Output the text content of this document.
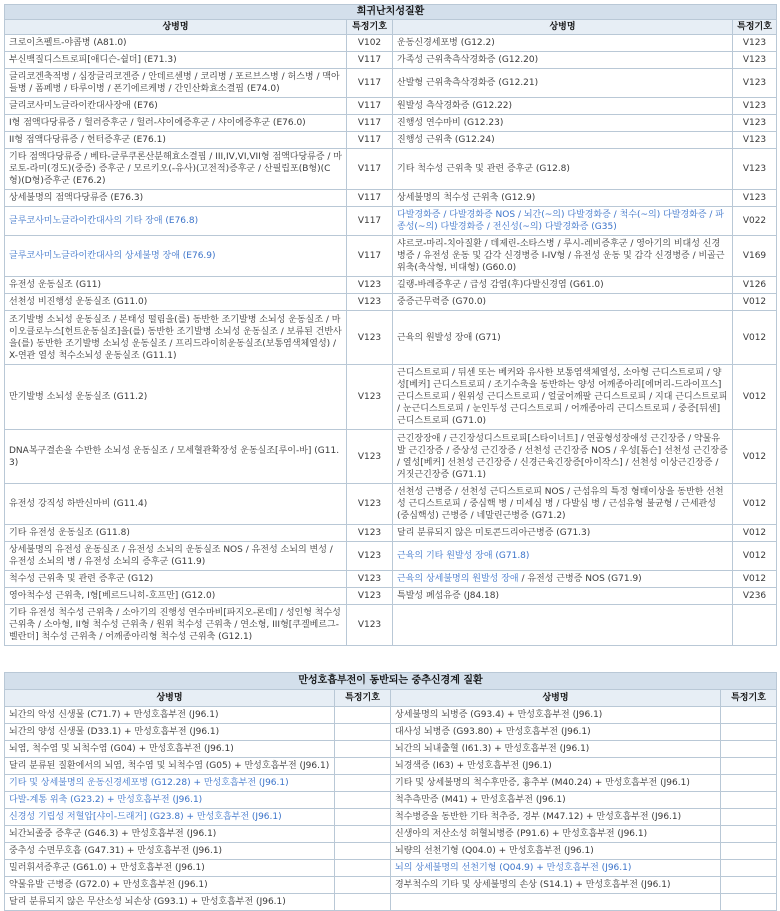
희귀난치성질환			
상병명	특정기호	상병명	특정기호
크로이츠펠트-야콥병 (A81.0)	V102	운동신경세포병 (G12.2)	V123
부신백질디스트로피[애디슨-쉴더] (E71.3)	V117	가족성 근위축측삭경화증 (G12.20)	V123
글리코겐축적병 / 심장글리코겐증 / 안데르센병 / 코리병 / 포르브스병 / 허스병 / 맥아들병 / 폼페병 / 타루이병 / 폰기에르케병 / 간인산화효소결핍 (E74.0)	V117	산발형 근위축측삭경화증 (G12.21)	V123
글리코사미노글라이칸대사장애 (E76)	V117	원발성 측삭경화증 (G12.22)	V123
I형 점액다당류증 / 헐러증후군 / 헐러-샤이에증후군 / 샤이에증후군 (E76.0)	V117	진행성 연수마비 (G12.23)	V123
II형 점액다당류증 / 헌터증후군 (E76.1)	V117	진행성 근위축 (G12.24)	V123
기타 점액다당류증 / 베타-글루쿠론산분해효소결핍 / III,IV,VI,VII형 점액다당류증 / 마로토-라미(경도)(중증) 증후군 / 모르키오(-유사)(고전적)증후군 / 산필립포(B형)(C형)(D형)증후군 (E76.2)	V117	기타 척수성 근위축 및 관련 증후군 (G12.8)	V123
상세불명의 점액다당류증 (E76.3)	V117	상세불명의 척수성 근위축 (G12.9)	V123
글루코사미노글라이칸대사의 기타 장애 (E76.8)	V117	다발경화증 / 다발경화증 NOS / 뇌간(~의) 다발경화증 / 척수(~의) 다발경화증 / 파종성(~의) 다발경화증 / 전신성(~의) 다발경화증 (G35)	V022
글루코사미노글라이칸대사의 상세불명 장애 (E76.9)	V117	샤르코-마리-치아질환 / 데제린-소타스병 / 루시-레비증후군 / 영아기의 비대성 신경병증 / 유전성 운동 및 감각 신경병증 I-IV형 / 유전성 운동 및 감각 신경병증 / 비골근위축(축삭형, 비대형) (G60.0)	V169
유전성 운동실조 (G11)	V123	길랭-바레증후군 / 급성 감염(후)다발신경염 (G61.0)	V126
선천성 비진행성 운동실조 (G11.0)	V123	중증근무력증 (G70.0)	V012
조기발병 소뇌성 운동실조 / 본태성 떨림을(를) 동반한 조기발병 소뇌성 운동실조 / 마이오클로누스[헌트운동실조]을(를) 동반한 조기발병 소뇌성 운동실조 / 보류된 건반사을(를) 동반한 조기발병 소뇌성 운동실조 / 프리드라이히운동실조(보통염색체열성) / X-연관 열성 척수소뇌성 운동실조 (G11.1)	V123	근육의 원발성 장애 (G71)	V012
만기발병 소뇌성 운동실조 (G11.2)	V123	근디스트로피 / 뒤센 또는 베커와 유사한 보통염색체열성, 소아형 근디스트로피 / 양성[베커] 근디스트로피 / 조기수축을 동반하는 양성 어깨종아리[에머리-드라이프스] 근디스트로피 / 원위성 근디스트로피 / 얼굴어깨팔 근디스트로피 / 지대 근디스트로피 / 눈근디스트로피 / 눈인두성 근디스트로피 / 어깨종아리 근디스트로피 / 중증[뒤센] 근디스트로피 (G71.0)	V012
DNA복구결손을 수반한 소뇌성 운동실조 / 모세혈관확장성 운동실조[루이-바] (G11.3)	V123	근긴장장애 / 근긴장성디스트로피[스타이너트] / 연골형성장애성 근긴장증 / 약물유발 근긴장증 / 증상성 근긴장증 / 선천성 근긴장증 NOS / 우성[톰슨] 선천성 근긴장증 / 열성[베커] 선천성 근긴장증 / 신경근육긴장증[아이작스] / 선천성 이상근긴장증 / 거짓근긴장증 (G71.1)	V012
유전성 강직성 하반신마비 (G11.4)	V123	선천성 근병증 / 선천성 근디스트로피 NOS / 근섬유의 특정 형태이상을 동반한 선천성 근디스트로피 / 중심핵 병 / 미세심 병 / 다발심 병 / 근섬유형 불균형 / 근세관성(중심핵성) 근병증 / 네말린근병증 (G71.2)	V012
기타 유전성 운동실조 (G11.8)	V123	달리 분류되지 않은 미토콘드리아근병증 (G71.3)	V012
상세불명의 유전성 운동실조 / 유전성 소뇌의 운동실조 NOS / 유전성 소뇌의 변성 / 유전성 소뇌의 병 / 유전성 소뇌의 증후군 (G11.9)	V123	근육의 기타 원발성 장애 (G71.8)	V012
척수성 근위축 및 관련 증후군 (G12)	V123	근육의 상세불명의 원발성 장애 / 유전성 근병증 NOS (G71.9)	V012
영아척수성 근위축, I형[베르드니히-호프만] (G12.0)	V123	특발성 폐섬유증 (J84.18)	V236
기타 유전성 척수성 근위축 / 소아기의 진행성 연수마비[파지오-론데] / 성인형 척수성 근위축 / 소아형, II형 척수성 근위축 / 원위 척수성 근위축 / 연소형, III형[쿠겔베르그-벨란더] 척수성 근위축 / 어깨종아리형 척수성 근위축 (G12.1)	V123		
만성호흡부전이 동반되는 중추신경계 질환			
상병명	특정기호	상병명	특정기호
뇌간의 악성 신생물 (C71.7) + 만성호흡부전 (J96.1)		상세불명의 뇌병증 (G93.4) + 만성호흡부전 (J96.1)	
뇌간의 양성 신생물 (D33.1) + 만성호흡부전 (J96.1)		대사성 뇌병증 (G93.80) + 만성호흡부전 (J96.1)	
뇌염, 척수염 및 뇌척수염 (G04) + 만성호흡부전 (J96.1)		뇌간의 뇌내출혈 (I61.3) + 만성호흡부전 (J96.1)	
달리 분류된 질환에서의 뇌염, 척수염 및 뇌척수염 (G05) + 만성호흡부전 (J96.1)		뇌경색증 (I63) + 만성호흡부전 (J96.1)	
기타 및 상세불명의 운동신경세포병 (G12.28) + 만성호흡부전 (J96.1)		기타 및 상세불명의 척수후만증, 흉추부 (M40.24) + 만성호흡부전 (J96.1)	
다발-계통 위축 (G23.2) + 만성호흡부전 (J96.1)		척추측만증 (M41) + 만성호흡부전 (J96.1)	
신경성 기립성 저혈압[샤이-드래거] (G23.8) + 만성호흡부전 (J96.1)		척수병증을 동반한 기타 척추증, 경부 (M47.12) + 만성호흡부전 (J96.1)	
뇌간뇌졸중 증후군 (G46.3) + 만성호흡부전 (J96.1)		신생아의 저산소성 허혈뇌병증 (P91.6) + 만성호흡부전 (J96.1)	
중추성 수면무호흡 (G47.31) + 만성호흡부전 (J96.1)		뇌량의 선천기형 (Q04.0) + 만성호흡부전 (J96.1)	
밀러휘셔증후군 (G61.0) + 만성호흡부전 (J96.1)		뇌의 상세불명의 선천기형 (Q04.9) + 만성호흡부전 (J96.1)	
약물유발 근병증 (G72.0) + 만성호흡부전 (J96.1)		경부척수의 기타 및 상세불명의 손상 (S14.1) + 만성호흡부전 (J96.1)	
달리 분류되지 않은 무산소성 뇌손상 (G93.1) + 만성호흡부전 (J96.1)			
